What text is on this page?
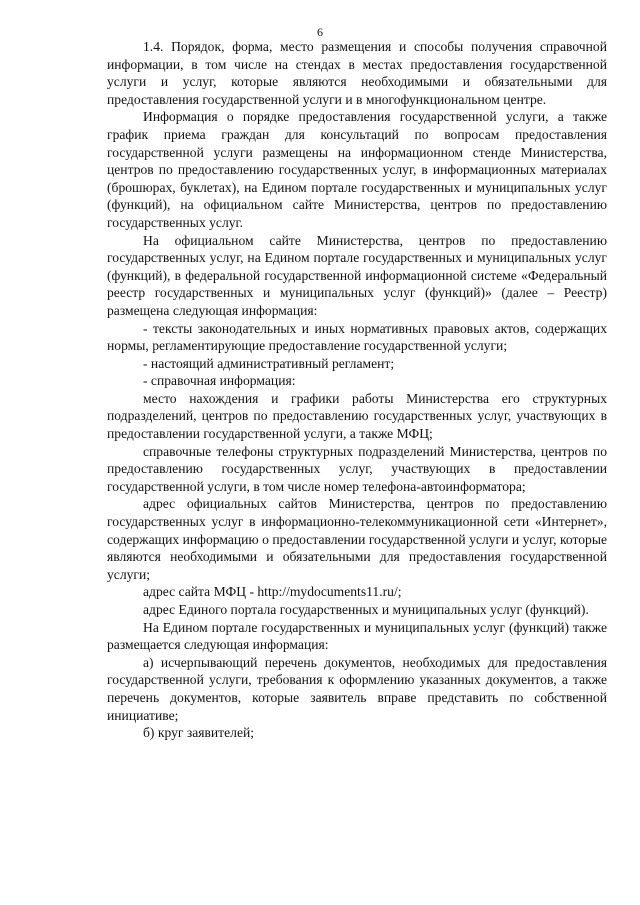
6

1.4. Порядок, форма, место размещения и способы получения справочной информации, в том числе на стендах в местах предоставления государственной услуги и услуг, которые являются необходимыми и обязательными для предоставления государственной услуги и в многофункциональном центре.

Информация о порядке предоставления государственной услуги, а также график приема граждан для консультаций по вопросам предоставления государственной услуги размещены на информационном стенде Министерства, центров по предоставлению государственных услуг, в информационных материалах (брошюрах, буклетах), на Едином портале государственных и муниципальных услуг (функций), на официальном сайте Министерства, центров по предоставлению государственных услуг.

На официальном сайте Министерства, центров по предоставлению государственных услуг, на Едином портале государственных и муниципальных услуг (функций), в федеральной государственной информационной системе «Федеральный реестр государственных и муниципальных услуг (функций)» (далее – Реестр) размещена следующая информация:

- тексты законодательных и иных нормативных правовых актов, содержащих нормы, регламентирующие предоставление государственной услуги;

- настоящий административный регламент;

- справочная информация:

место нахождения и графики работы Министерства его структурных подразделений, центров по предоставлению государственных услуг, участвующих в предоставлении государственной услуги, а также МФЦ;

справочные телефоны структурных подразделений Министерства, центров по предоставлению государственных услуг, участвующих в предоставлении государственной услуги, в том числе номер телефона-автоинформатора;

адрес официальных сайтов Министерства, центров по предоставлению государственных услуг в информационно-телекоммуникационной сети «Интернет», содержащих информацию о предоставлении государственной услуги и услуг, которые являются необходимыми и обязательными для предоставления государственной услуги;

адрес сайта МФЦ - http://mydocuments11.ru/;

адрес Единого портала государственных и муниципальных услуг (функций).

На Едином портале государственных и муниципальных услуг (функций) также размещается следующая информация:

а) исчерпывающий перечень документов, необходимых для предоставления государственной услуги, требования к оформлению указанных документов, а также перечень документов, которые заявитель вправе представить по собственной инициативе;

б) круг заявителей;
